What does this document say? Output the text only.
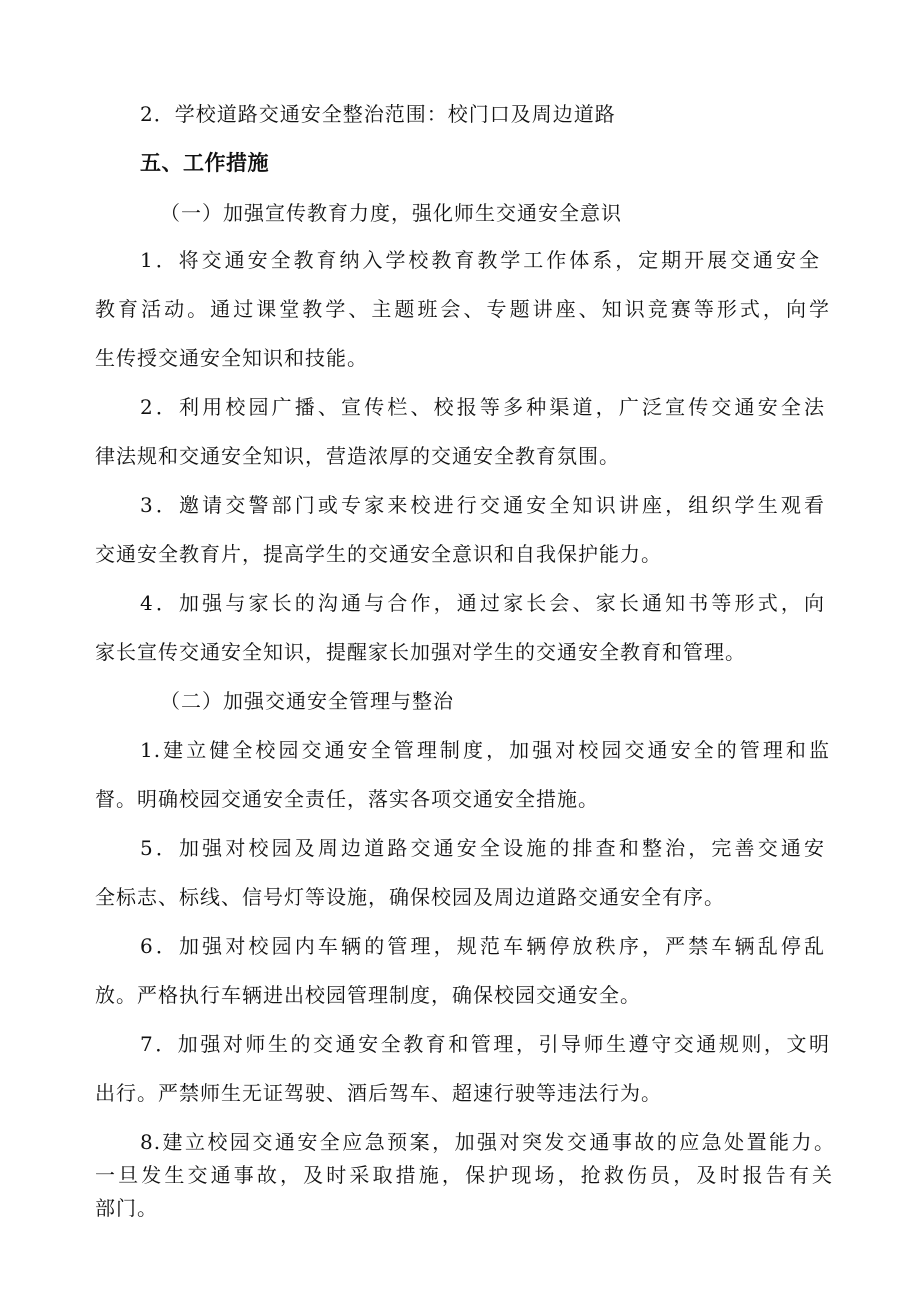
2．学校道路交通安全整治范围：校门口及周边道路
五、工作措施
（一）加强宣传教育力度，强化师生交通安全意识
1．将交通安全教育纳入学校教育教学工作体系，定期开展交通安全
教育活动。通过课堂教学、主题班会、专题讲座、知识竞赛等形式，向学
生传授交通安全知识和技能。
2．利用校园广播、宣传栏、校报等多种渠道，广泛宣传交通安全法
律法规和交通安全知识，营造浓厚的交通安全教育氛围。
3．邀请交警部门或专家来校进行交通安全知识讲座，组织学生观看
交通安全教育片，提高学生的交通安全意识和自我保护能力。
4．加强与家长的沟通与合作，通过家长会、家长通知书等形式，向
家长宣传交通安全知识，提醒家长加强对学生的交通安全教育和管理。
（二）加强交通安全管理与整治
1.建立健全校园交通安全管理制度，加强对校园交通安全的管理和监
督。明确校园交通安全责任，落实各项交通安全措施。
5．加强对校园及周边道路交通安全设施的排查和整治，完善交通安
全标志、标线、信号灯等设施，确保校园及周边道路交通安全有序。
6．加强对校园内车辆的管理，规范车辆停放秩序，严禁车辆乱停乱
放。严格执行车辆进出校园管理制度，确保校园交通安全。
7．加强对师生的交通安全教育和管理，引导师生遵守交通规则，文明
出行。严禁师生无证驾驶、酒后驾车、超速行驶等违法行为。
8.建立校园交通安全应急预案，加强对突发交通事故的应急处置能力。
一旦发生交通事故，及时采取措施，保护现场，抢救伤员，及时报告有关
部门。
